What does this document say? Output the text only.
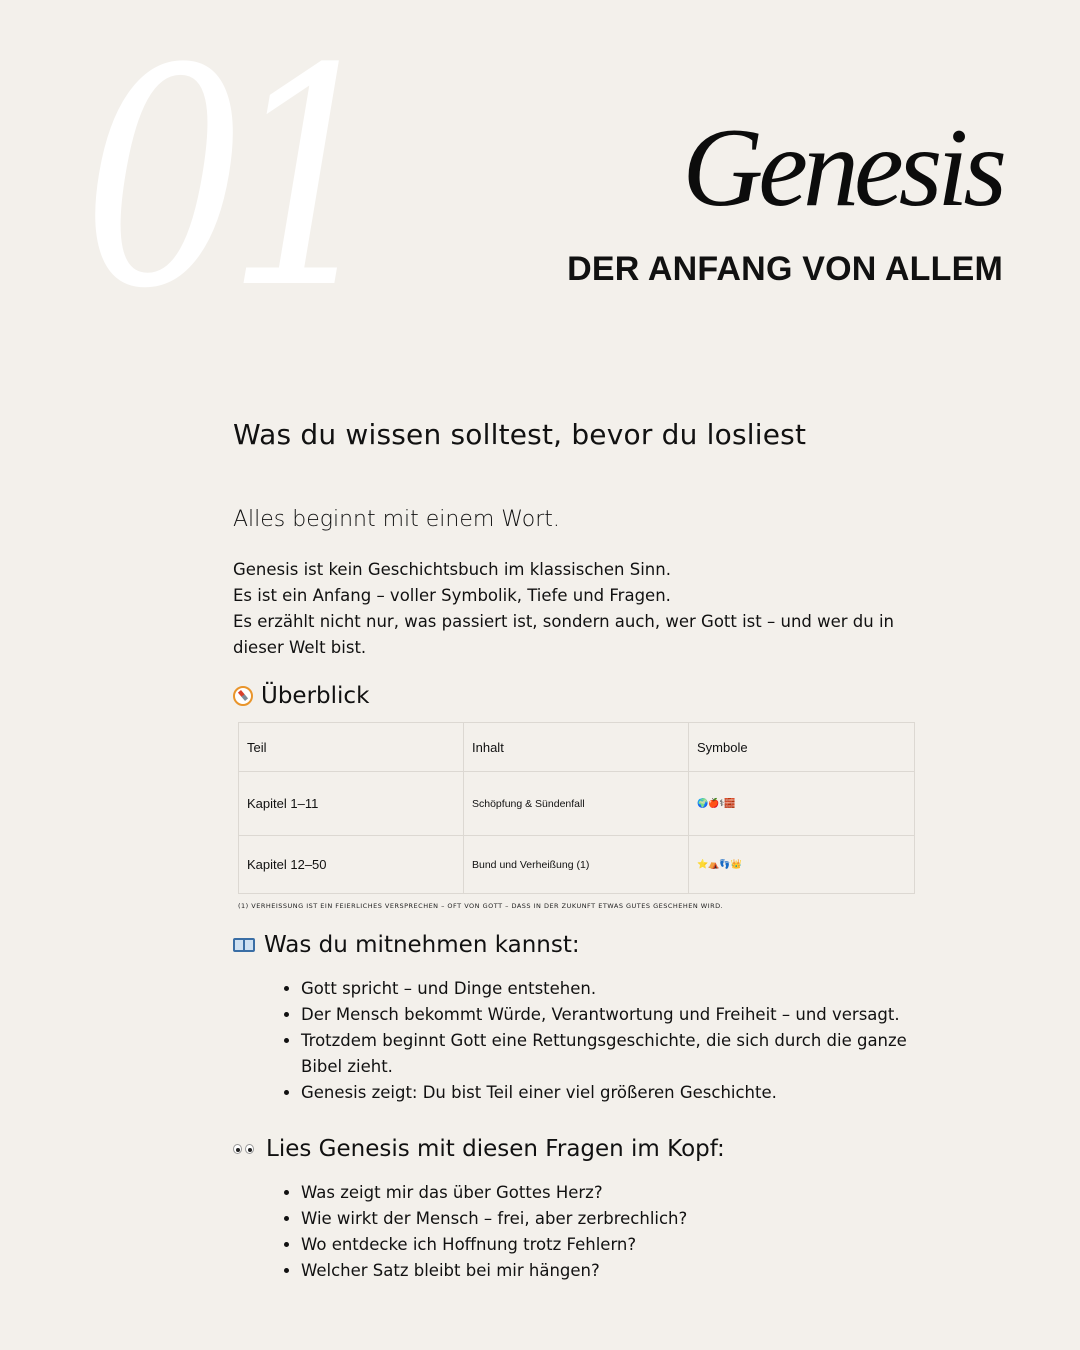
01	Genesis
DER ANFANG VON ALLEM
Was du wissen solltest, bevor du losliest
Alles beginnt mit einem Wort.
Genesis ist kein Geschichtsbuch im klassischen Sinn.
Es ist ein Anfang – voller Symbolik, Tiefe und Fragen.
Es erzählt nicht nur, was passiert ist, sondern auch, wer Gott ist – und wer du in dieser Welt bist.
Überblick
Teil	Inhalt	Symbole
Kapitel 1–11	Schöpfung & Sündenfall	🌍🍎⚕🧱
Kapitel 12–50	Bund und Verheißung (1)	⭐⛺👣👑
(1) VERHEISSUNG IST EIN FEIERLICHES VERSPRECHEN – OFT VON GOTT – DASS IN DER ZUKUNFT ETWAS GUTES GESCHEHEN WIRD.
Was du mitnehmen kannst:
• Gott spricht – und Dinge entstehen.
• Der Mensch bekommt Würde, Verantwortung und Freiheit – und versagt.
• Trotzdem beginnt Gott eine Rettungsgeschichte, die sich durch die ganze Bibel zieht.
• Genesis zeigt: Du bist Teil einer viel größeren Geschichte.
Lies Genesis mit diesen Fragen im Kopf:
• Was zeigt mir das über Gottes Herz?
• Wie wirkt der Mensch – frei, aber zerbrechlich?
• Wo entdecke ich Hoffnung trotz Fehlern?
• Welcher Satz bleibt bei mir hängen?
